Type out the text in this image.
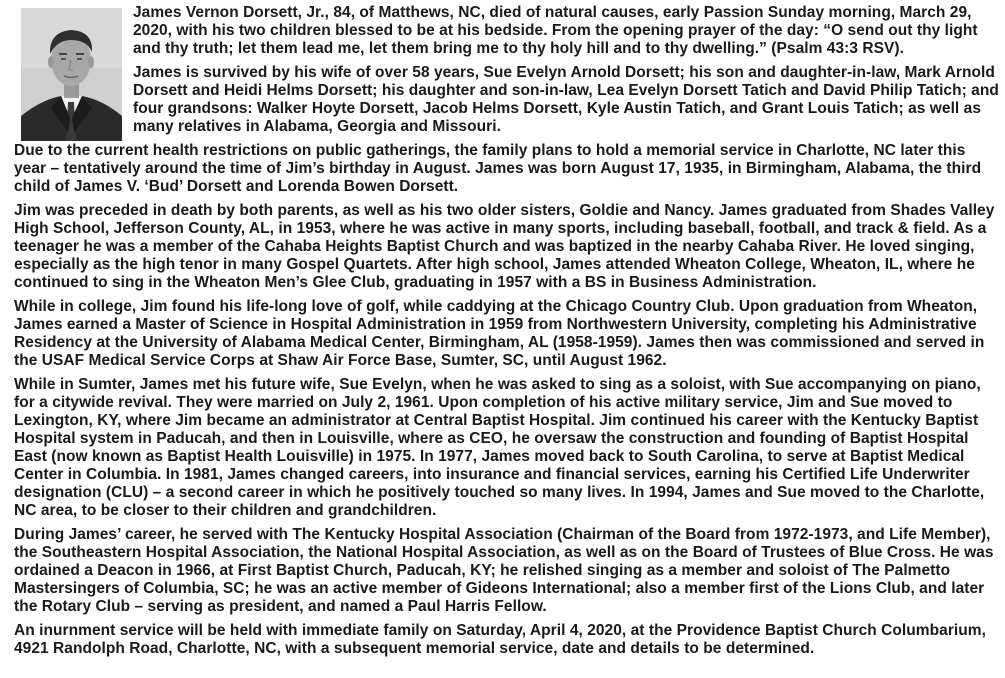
James Vernon Dorsett, Jr., 84, of Matthews, NC, died of natural causes, early Passion Sunday morning, March 29, 2020, with his two children blessed to be at his bedside. From the opening prayer of the day: “O send out thy light and thy truth; let them lead me, let them bring me to thy holy hill and to thy dwelling.” (Psalm 43:3 RSV).

James is survived by his wife of over 58 years, Sue Evelyn Arnold Dorsett; his son and daughter-in-law, Mark Arnold Dorsett and Heidi Helms Dorsett; his daughter and son-in-law, Lea Evelyn Dorsett Tatich and David Philip Tatich; and four grandsons: Walker Hoyte Dorsett, Jacob Helms Dorsett, Kyle Austin Tatich, and Grant Louis Tatich; as well as many relatives in Alabama, Georgia and Missouri.

Due to the current health restrictions on public gatherings, the family plans to hold a memorial service in Charlotte, NC later this year – tentatively around the time of Jim’s birthday in August. James was born August 17, 1935, in Birmingham, Alabama, the third child of James V. ‘Bud’ Dorsett and Lorenda Bowen Dorsett.

Jim was preceded in death by both parents, as well as his two older sisters, Goldie and Nancy. James graduated from Shades Valley High School, Jefferson County, AL, in 1953, where he was active in many sports, including baseball, football, and track & field. As a teenager he was a member of the Cahaba Heights Baptist Church and was baptized in the nearby Cahaba River. He loved singing, especially as the high tenor in many Gospel Quartets. After high school, James attended Wheaton College, Wheaton, IL, where he continued to sing in the Wheaton Men’s Glee Club, graduating in 1957 with a BS in Business Administration.

While in college, Jim found his life-long love of golf, while caddying at the Chicago Country Club. Upon graduation from Wheaton, James earned a Master of Science in Hospital Administration in 1959 from Northwestern University, completing his Administrative Residency at the University of Alabama Medical Center, Birmingham, AL (1958-1959). James then was commissioned and served in the USAF Medical Service Corps at Shaw Air Force Base, Sumter, SC, until August 1962.

While in Sumter, James met his future wife, Sue Evelyn, when he was asked to sing as a soloist, with Sue accompanying on piano, for a citywide revival. They were married on July 2, 1961. Upon completion of his active military service, Jim and Sue moved to Lexington, KY, where Jim became an administrator at Central Baptist Hospital. Jim continued his career with the Kentucky Baptist Hospital system in Paducah, and then in Louisville, where as CEO, he oversaw the construction and founding of Baptist Hospital East (now known as Baptist Health Louisville) in 1975. In 1977, James moved back to South Carolina, to serve at Baptist Medical Center in Columbia. In 1981, James changed careers, into insurance and financial services, earning his Certified Life Underwriter designation (CLU) – a second career in which he positively touched so many lives. In 1994, James and Sue moved to the Charlotte, NC area, to be closer to their children and grandchildren.

During James’ career, he served with The Kentucky Hospital Association (Chairman of the Board from 1972-1973, and Life Member), the Southeastern Hospital Association, the National Hospital Association, as well as on the Board of Trustees of Blue Cross. He was ordained a Deacon in 1966, at First Baptist Church, Paducah, KY; he relished singing as a member and soloist of The Palmetto Mastersingers of Columbia, SC; he was an active member of Gideons International; also a member first of the Lions Club, and later the Rotary Club – serving as president, and named a Paul Harris Fellow.

An inurnment service will be held with immediate family on Saturday, April 4, 2020, at the Providence Baptist Church Columbarium, 4921 Randolph Road, Charlotte, NC, with a subsequent memorial service, date and details to be determined.
